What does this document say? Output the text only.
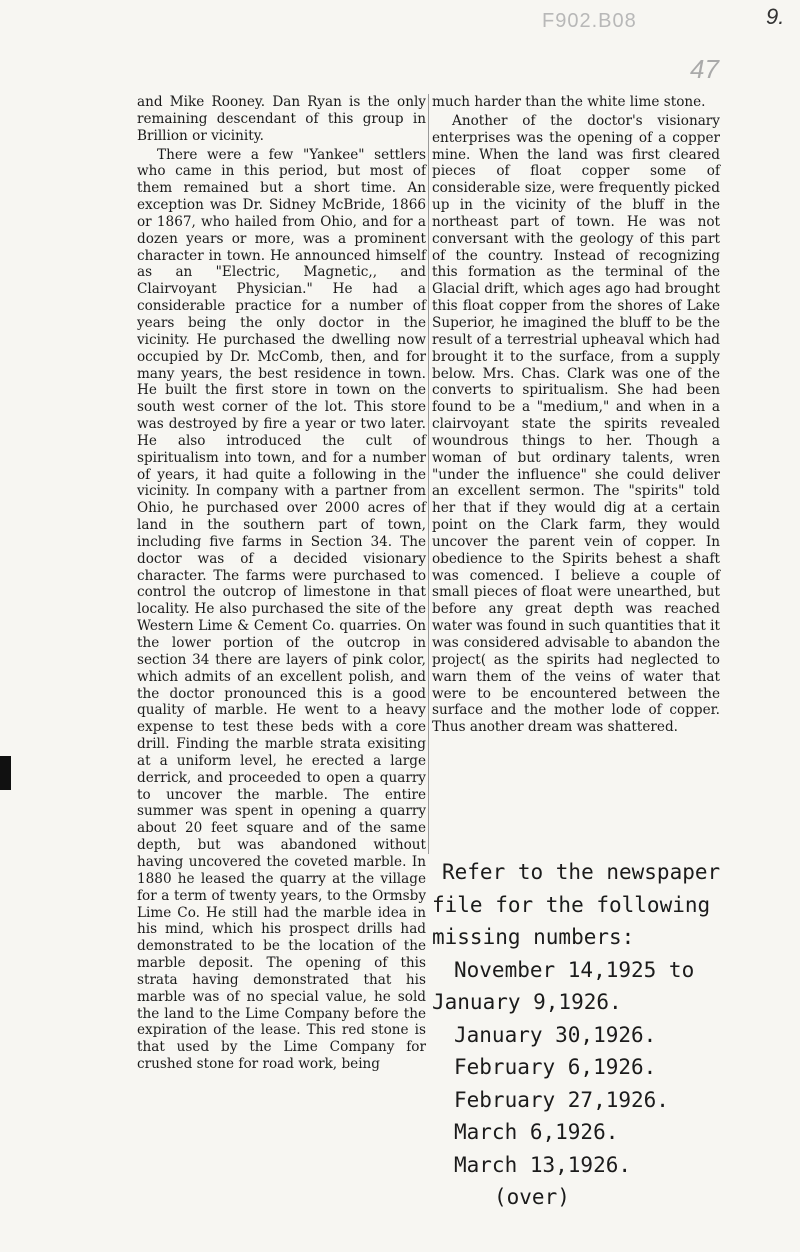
F902.B08	9.
47

and Mike Rooney. Dan Ryan is the only remaining descendant of this group in Brillion or vicinity.

There were a few "Yankee" settlers who came in this period, but most of them remained but a short time. An exception was Dr. Sidney McBride, 1866 or 1867, who hailed from Ohio, and for a dozen years or more, was a prominent character in town. He announced himself as an "Electric, Magnetic,, and Clairvoyant Physician." He had a considerable practice for a number of years being the only doctor in the vicinity. He purchased the dwelling now occupied by Dr. McComb, then, and for many years, the best residence in town. He built the first store in town on the south west corner of the lot. This store was destroyed by fire a year or two later. He also introduced the cult of spiritualism into town, and for a number of years, it had quite a following in the vicinity. In company with a partner from Ohio, he purchased over 2000 acres of land in the southern part of town, including five farms in Section 34. The doctor was of a decided visionary character. The farms were purchased to control the outcrop of limestone in that locality. He also purchased the site of the Western Lime & Cement Co. quarries. On the lower portion of the outcrop in section 34 there are layers of pink color, which admits of an excellent polish, and the doctor pronounced this is a good quality of marble. He went to a heavy expense to test these beds with a core drill. Finding the marble strata exisiting at a uniform level, he erected a large derrick, and proceeded to open a quarry to uncover the marble. The entire summer was spent in opening a quarry about 20 feet square and of the same depth, but was abandoned without having uncovered the coveted marble. In 1880 he leased the quarry at the village for a term of twenty years, to the Ormsby Lime Co. He still had the marble idea in his mind, which his prospect drills had demonstrated to be the location of the marble deposit. The opening of this strata having demonstrated that his marble was of no special value, he sold the land to the Lime Company before the expiration of the lease. This red stone is that used by the Lime Company for crushed stone for road work, being

much harder than the white lime stone.

Another of the doctor's visionary enterprises was the opening of a copper mine. When the land was first cleared pieces of float copper some of considerable size, were frequently picked up in the vicinity of the bluff in the northeast part of town. He was not conversant with the geology of this part of the country. Instead of recognizing this formation as the terminal of the Glacial drift, which ages ago had brought this float copper from the shores of Lake Superior, he imagined the bluff to be the result of a terrestrial upheaval which had brought it to the surface, from a supply below. Mrs. Chas. Clark was one of the converts to spiritualism. She had been found to be a "medium," and when in a clairvoyant state the spirits revealed woundrous things to her. Though a woman of but ordinary talents, wren "under the influence" she could deliver an excellent sermon. The "spirits" told her that if they would dig at a certain point on the Clark farm, they would uncover the parent vein of copper. In obedience to the Spirits behest a shaft was comenced. I believe a couple of small pieces of float were unearthed, but before any great depth was reached water was found in such quantities that it was considered advisable to abandon the project( as the spirits had neglected to warn them of the veins of water that were to be encountered between the surface and the mother lode of copper. Thus another dream was shattered.

Refer to the newspaper
file for the following
missing numbers:
November 14,1925 to
January 9,1926.
January 30,1926.
February 6,1926.
February 27,1926.
March 6,1926.
March 13,1926.
(over)
